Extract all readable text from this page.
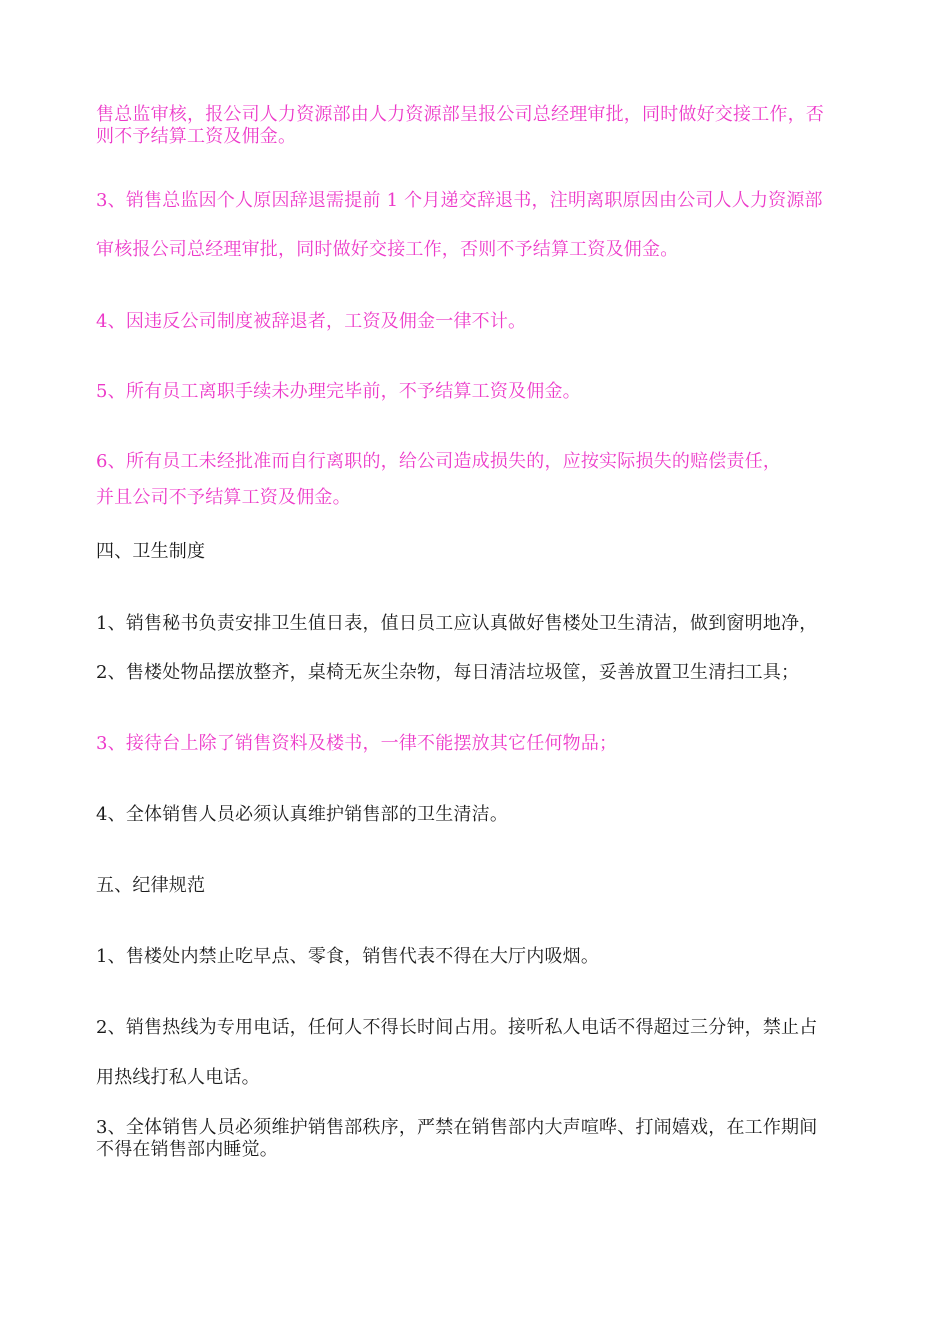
售总监审核，报公司人力资源部由人力资源部呈报公司总经理审批，同时做好交接工作，否
则不予结算工资及佣金。
3、销售总监因个人原因辞退需提前 1 个月递交辞退书，注明离职原因由公司人人力资源部
审核报公司总经理审批，同时做好交接工作，否则不予结算工资及佣金。
4、因违反公司制度被辞退者，工资及佣金一律不计。
5、所有员工离职手续未办理完毕前，不予结算工资及佣金。
6、所有员工未经批准而自行离职的，给公司造成损失的，应按实际损失的赔偿责任，
并且公司不予结算工资及佣金。
四、卫生制度
1、销售秘书负责安排卫生值日表，值日员工应认真做好售楼处卫生清洁，做到窗明地净，
2、售楼处物品摆放整齐，桌椅无灰尘杂物，每日清洁垃圾筐，妥善放置卫生清扫工具；
3、接待台上除了销售资料及楼书，一律不能摆放其它任何物品；
4、全体销售人员必须认真维护销售部的卫生清洁。
五、纪律规范
1、售楼处内禁止吃早点、零食，销售代表不得在大厅内吸烟。
2、销售热线为专用电话，任何人不得长时间占用。接听私人电话不得超过三分钟，禁止占
用热线打私人电话。
3、全体销售人员必须维护销售部秩序，严禁在销售部内大声喧哗、打闹嬉戏，在工作期间
不得在销售部内睡觉。
